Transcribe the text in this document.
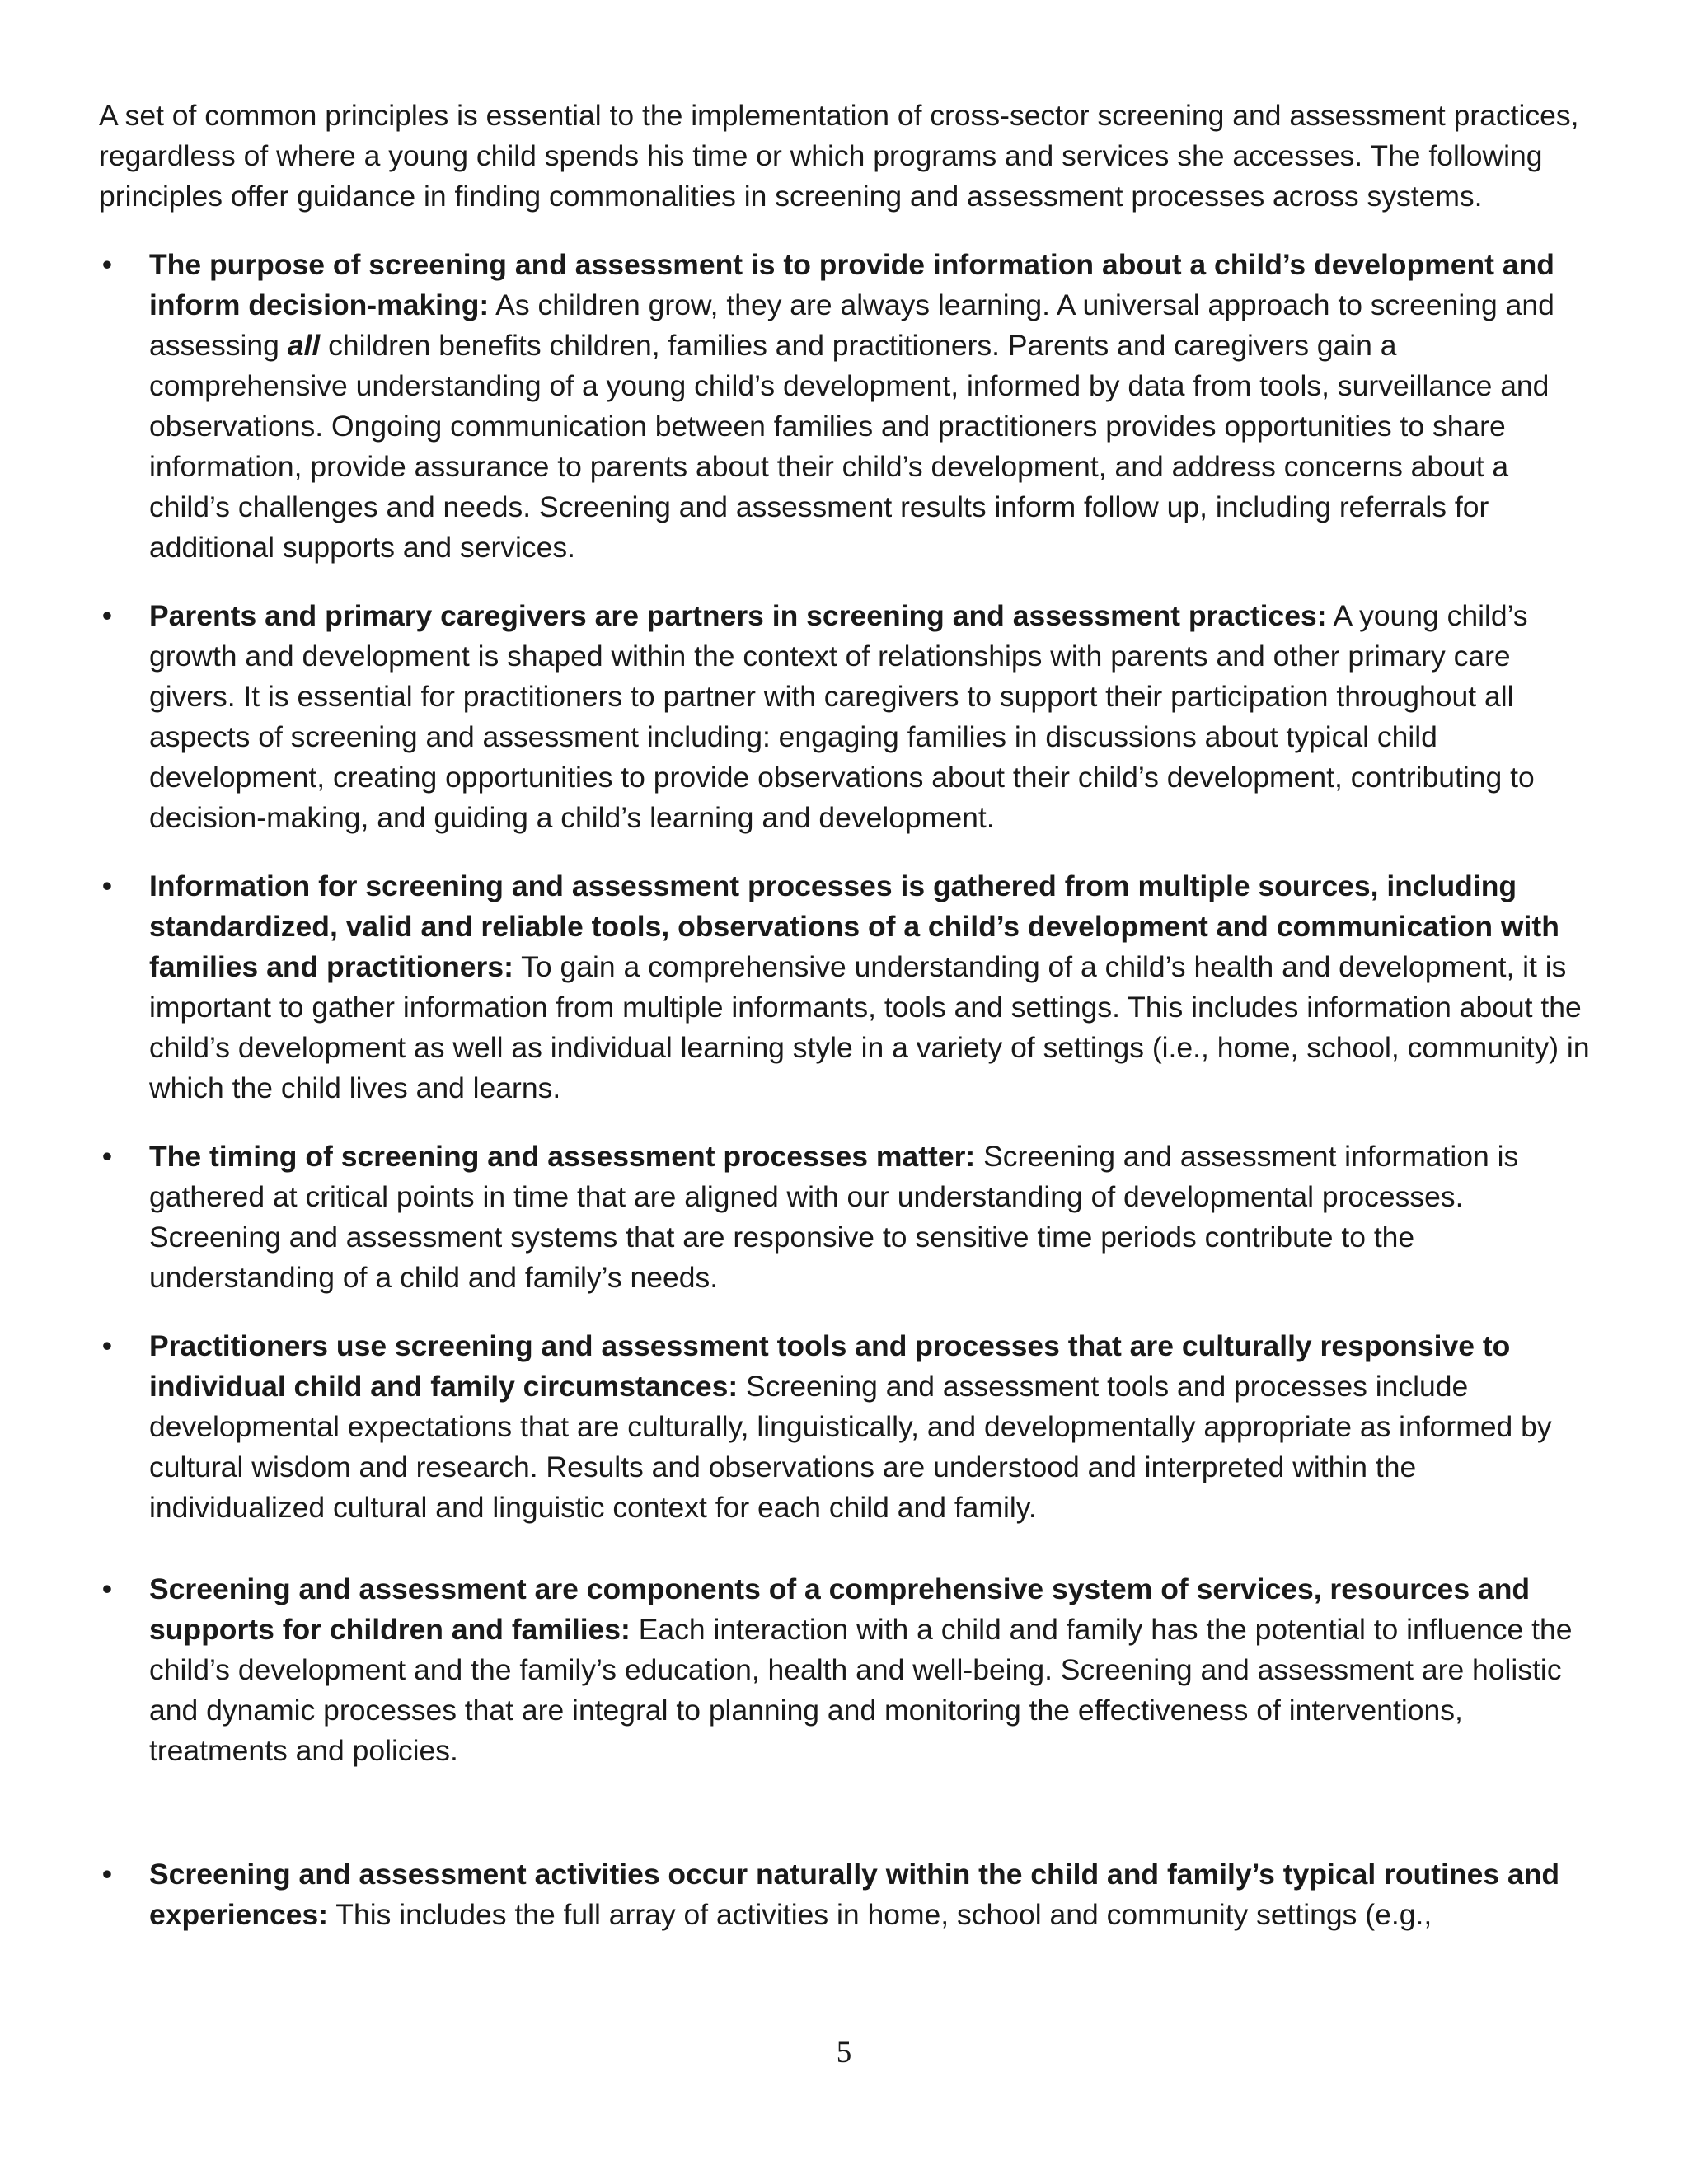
A set of common principles is essential to the implementation of cross-sector screening and assessment practices, regardless of where a young child spends his time or which programs and services she accesses. The following principles offer guidance in finding commonalities in screening and assessment processes across systems.

• The purpose of screening and assessment is to provide information about a child’s development and inform decision-making: As children grow, they are always learning. A universal approach to screening and assessing all children benefits children, families and practitioners. Parents and caregivers gain a comprehensive understanding of a young child’s development, informed by data from tools, surveillance and observations. Ongoing communication between families and practitioners provides opportunities to share information, provide assurance to parents about their child’s development, and address concerns about a child’s challenges and needs. Screening and assessment results inform follow up, including referrals for additional supports and services.
• Parents and primary caregivers are partners in screening and assessment practices: A young child’s growth and development is shaped within the context of relationships with parents and other primary care givers. It is essential for practitioners to partner with caregivers to support their participation throughout all aspects of screening and assessment including: engaging families in discussions about typical child development, creating opportunities to provide observations about their child’s development, contributing to decision-making, and guiding a child’s learning and development.
• Information for screening and assessment processes is gathered from multiple sources, including standardized, valid and reliable tools, observations of a child’s development and communication with families and practitioners: To gain a comprehensive understanding of a child’s health and development, it is important to gather information from multiple informants, tools and settings. This includes information about the child’s development as well as individual learning style in a variety of settings (i.e., home, school, community) in which the child lives and learns.
• The timing of screening and assessment processes matter: Screening and assessment information is gathered at critical points in time that are aligned with our understanding of developmental processes. Screening and assessment systems that are responsive to sensitive time periods contribute to the understanding of a child and family’s needs.
• Practitioners use screening and assessment tools and processes that are culturally responsive to individual child and family circumstances: Screening and assessment tools and processes include developmental expectations that are culturally, linguistically, and developmentally appropriate as informed by cultural wisdom and research. Results and observations are understood and interpreted within the individualized cultural and linguistic context for each child and family.
• Screening and assessment are components of a comprehensive system of services, resources and supports for children and families: Each interaction with a child and family has the potential to influence the child’s development and the family’s education, health and well-being. Screening and assessment are holistic and dynamic processes that are integral to planning and monitoring the effectiveness of interventions, treatments and policies.
• Screening and assessment activities occur naturally within the child and family’s typical routines and experiences: This includes the full array of activities in home, school and community settings (e.g.,
5
